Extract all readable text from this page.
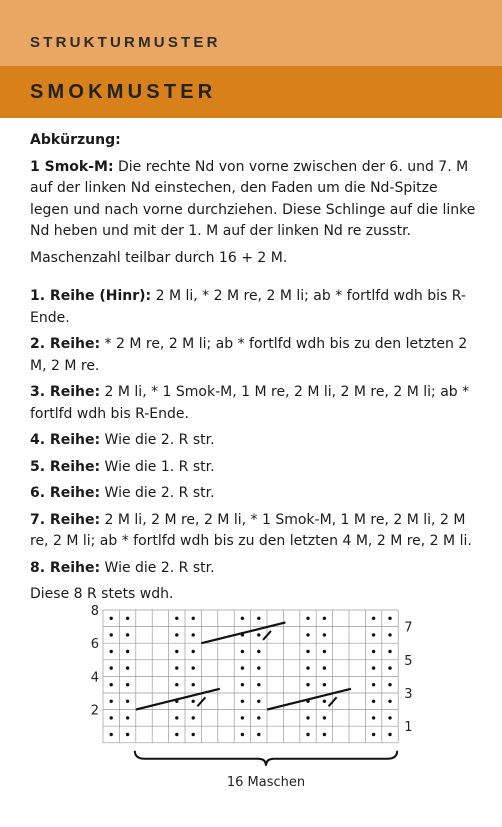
STRUKTURMUSTER
SMOKMUSTER

Abkürzung:

1 Smok-M: Die rechte Nd von vorne zwischen der 6. und 7. M auf der linken Nd einstechen, den Faden um die Nd-Spitze legen und nach vorne durchziehen. Diese Schlinge auf die linke Nd heben und mit der 1. M auf der linken Nd re zusstr.

Maschenzahl teilbar durch 16 + 2 M.

1. Reihe (Hinr): 2 M li, * 2 M re, 2 M li; ab * fortlfd wdh bis R-Ende.

2. Reihe: * 2 M re, 2 M li; ab * fortlfd wdh bis zu den letzten 2 M, 2 M re.

3. Reihe: 2 M li, * 1 Smok-M, 1 M re, 2 M li, 2 M re, 2 M li; ab * fortlfd wdh bis R-Ende.

4. Reihe: Wie die 2. R str.

5. Reihe: Wie die 1. R str.

6. Reihe: Wie die 2. R str.

7. Reihe: 2 M li, 2 M re, 2 M li, * 1 Smok-M, 1 M re, 2 M li, 2 M re, 2 M li; ab * fortlfd wdh bis zu den letzten 4 M, 2 M re, 2 M li.

8. Reihe: Wie die 2. R str.

Diese 8 R stets wdh.

2
4
6
8
1
3
5
7
16 Maschen
